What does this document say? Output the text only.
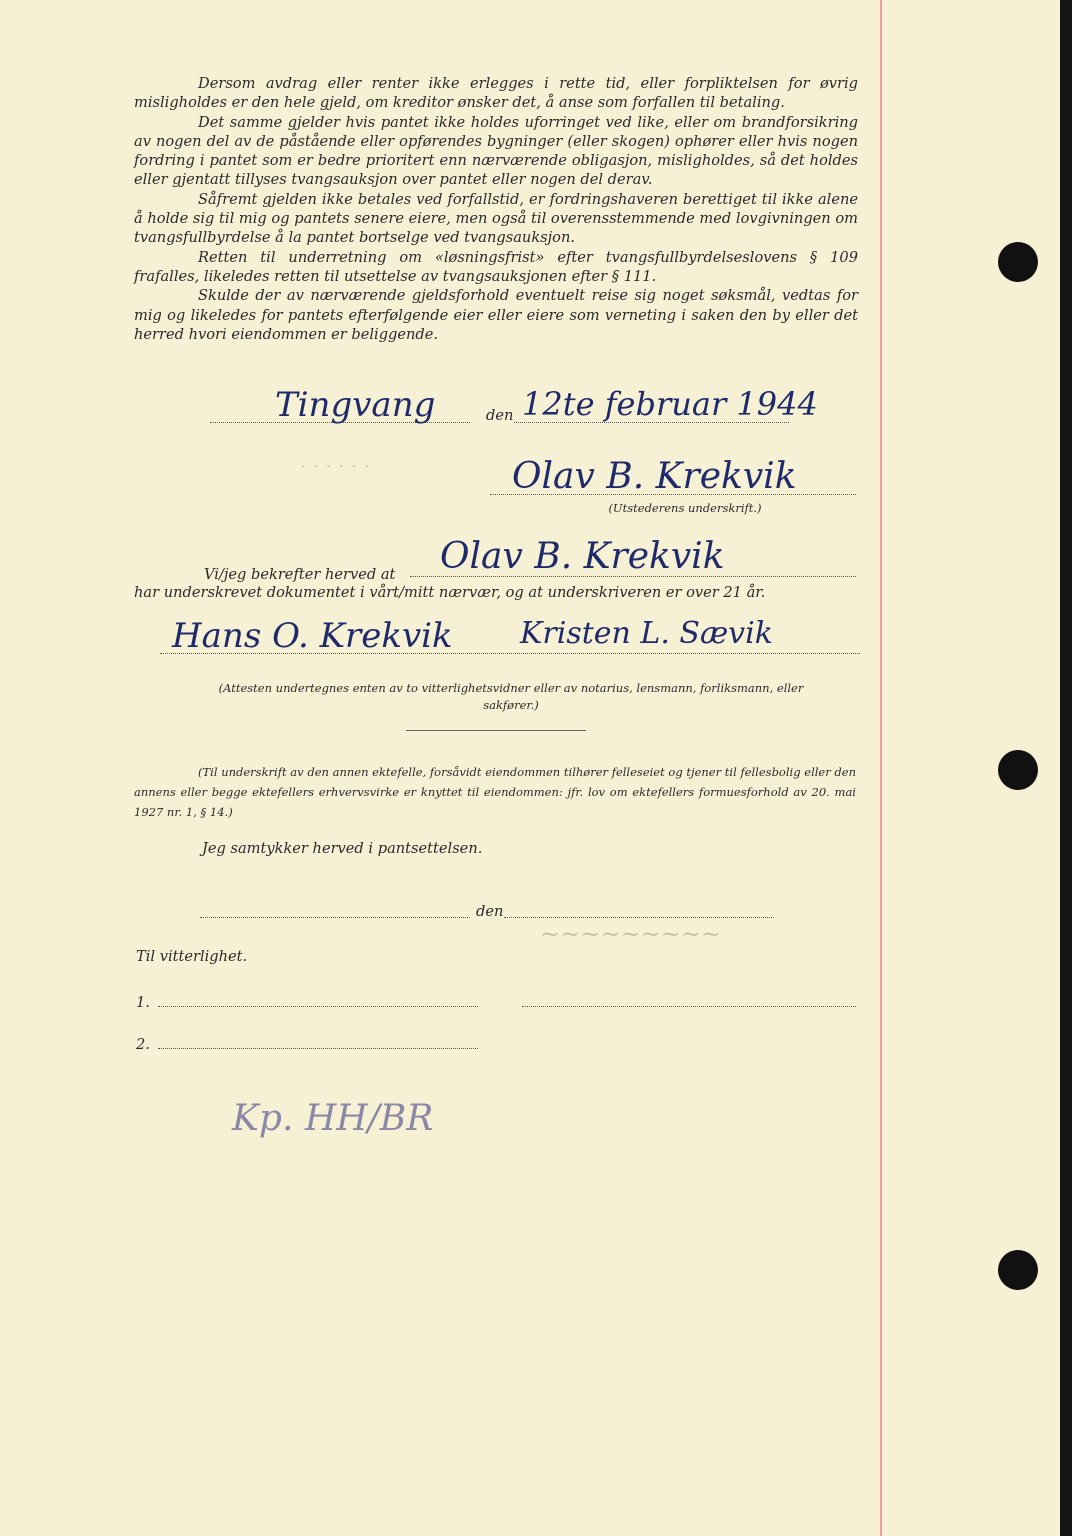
Dersom avdrag eller renter ikke erlegges i rette tid, eller forpliktelsen for øvrig misligholdes er den hele gjeld, om kreditor ønsker det, å anse som forfallen til betaling.

Det samme gjelder hvis pantet ikke holdes uforringet ved like, eller om brandforsikring av nogen del av de påstående eller opførendes bygninger (eller skogen) ophører eller hvis nogen fordring i pantet som er bedre prioritert enn nærværende obligasjon, misligholdes, så det holdes eller gjentatt tillyses tvangsauksjon over pantet eller nogen del derav.

Såfremt gjelden ikke betales ved forfallstid, er fordringshaveren berettiget til ikke alene å holde sig til mig og pantets senere eiere, men også til overensstemmende med lovgivningen om tvangsfullbyrdelse å la pantet bortselge ved tvangsauksjon.

Retten til underretning om «løsningsfrist» efter tvangsfullbyrdelseslovens § 109 frafalles, likeledes retten til utsettelse av tvangsauksjonen efter § 111.

Skulde der av nærværende gjeldsforhold eventuelt reise sig noget søksmål, vedtas for mig og likeledes for pantets efterfølgende eier eller eiere som verneting i saken den by eller det herred hvori eiendommen er beliggende.

· · · · · ·
~~~~~~~~~
Tingvang	den 12te februar 1944
Olav B. Krekvik
(Utstederens underskrift.)
Vi/jeg bekrefter herved at Olav B. Krekvik
har underskrevet dokumentet i vårt/mitt nærvær, og at underskriveren er over 21 år.
Hans O. Krekvik Kristen L. Sævik
(Attesten undertegnes enten av to vitterlighetsvidner eller av notarius, lensmann, forliksmann, eller sakfører.)
(Til underskrift av den annen ektefelle, forsåvidt eiendommen tilhører felleseiet og tjener til fellesbolig eller den annens eller begge ektefellers erhvervsvirke er knyttet til eiendommen: jfr. lov om ektefellers formuesforhold av 20. mai 1927 nr. 1, § 14.)
Jeg samtykker herved i pantsettelsen.
den
Til vitterlighet.
1.
2.
Kp. HH/BR
